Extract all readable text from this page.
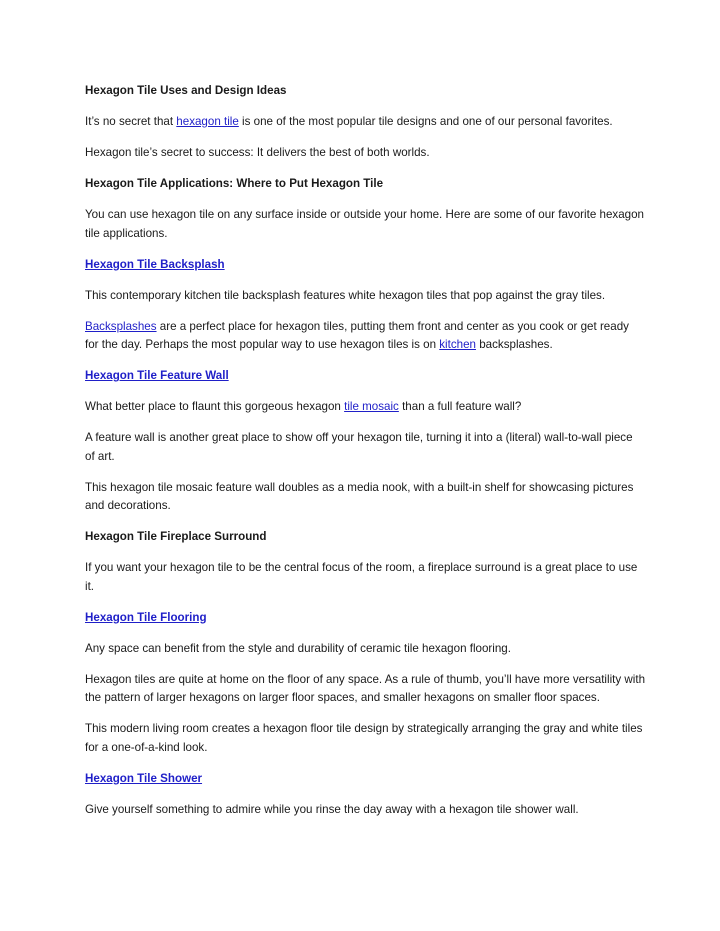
Hexagon Tile Uses and Design Ideas

It’s no secret that hexagon tile is one of the most popular tile designs and one of our personal favorites.

Hexagon tile’s secret to success: It delivers the best of both worlds.

Hexagon Tile Applications: Where to Put Hexagon Tile

You can use hexagon tile on any surface inside or outside your home. Here are some of our favorite hexagon tile applications.

Hexagon Tile Backsplash

This contemporary kitchen tile backsplash features white hexagon tiles that pop against the gray tiles.

Backsplashes are a perfect place for hexagon tiles, putting them front and center as you cook or get ready for the day. Perhaps the most popular way to use hexagon tiles is on kitchen backsplashes.

Hexagon Tile Feature Wall

What better place to flaunt this gorgeous hexagon tile mosaic than a full feature wall?

A feature wall is another great place to show off your hexagon tile, turning it into a (literal) wall-to-wall piece of art.

This hexagon tile mosaic feature wall doubles as a media nook, with a built-in shelf for showcasing pictures and decorations.

Hexagon Tile Fireplace Surround

If you want your hexagon tile to be the central focus of the room, a fireplace surround is a great place to use it.

Hexagon Tile Flooring

Any space can benefit from the style and durability of ceramic tile hexagon flooring.

Hexagon tiles are quite at home on the floor of any space. As a rule of thumb, you’ll have more versatility with the pattern of larger hexagons on larger floor spaces, and smaller hexagons on smaller floor spaces.

This modern living room creates a hexagon floor tile design by strategically arranging the gray and white tiles for a one-of-a-kind look.

Hexagon Tile Shower

Give yourself something to admire while you rinse the day away with a hexagon tile shower wall.
